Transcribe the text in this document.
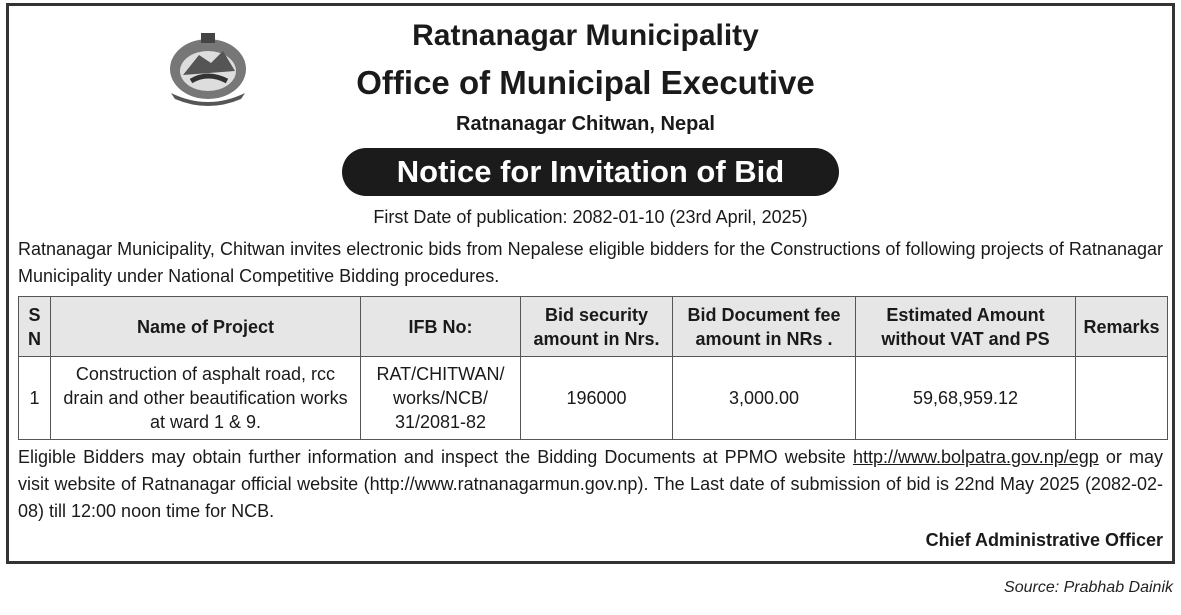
Ratnanagar Municipality
Office of Municipal Executive
Ratnanagar Chitwan, Nepal
Notice for Invitation of Bid
First Date of publication: 2082-01-10 (23rd April, 2025)
Ratnanagar Municipality, Chitwan invites electronic bids from Nepalese eligible bidders for the Constructions of following projects of Ratnanagar Municipality under National Competitive Bidding procedures.
S N	Name of Project	IFB No:	Bid security amount in Nrs.	Bid Document fee amount in NRs .	Estimated Amount without VAT and PS	Remarks
1	Construction of asphalt road, rcc drain and other beautification works at ward 1 & 9.	RAT/CHITWAN/ works/NCB/ 31/2081-82	196000	3,000.00	59,68,959.12	
Eligible Bidders may obtain further information and inspect the Bidding Documents at PPMO website http://www.bolpatra.gov.np/egp or may visit website of Ratnanagar official website (http://www.ratnanagarmun.gov.np). The Last date of submission of bid is 22nd May 2025 (2082-02-08) till 12:00 noon time for NCB.
Chief Administrative Officer
Source: Prabhab Dainik
